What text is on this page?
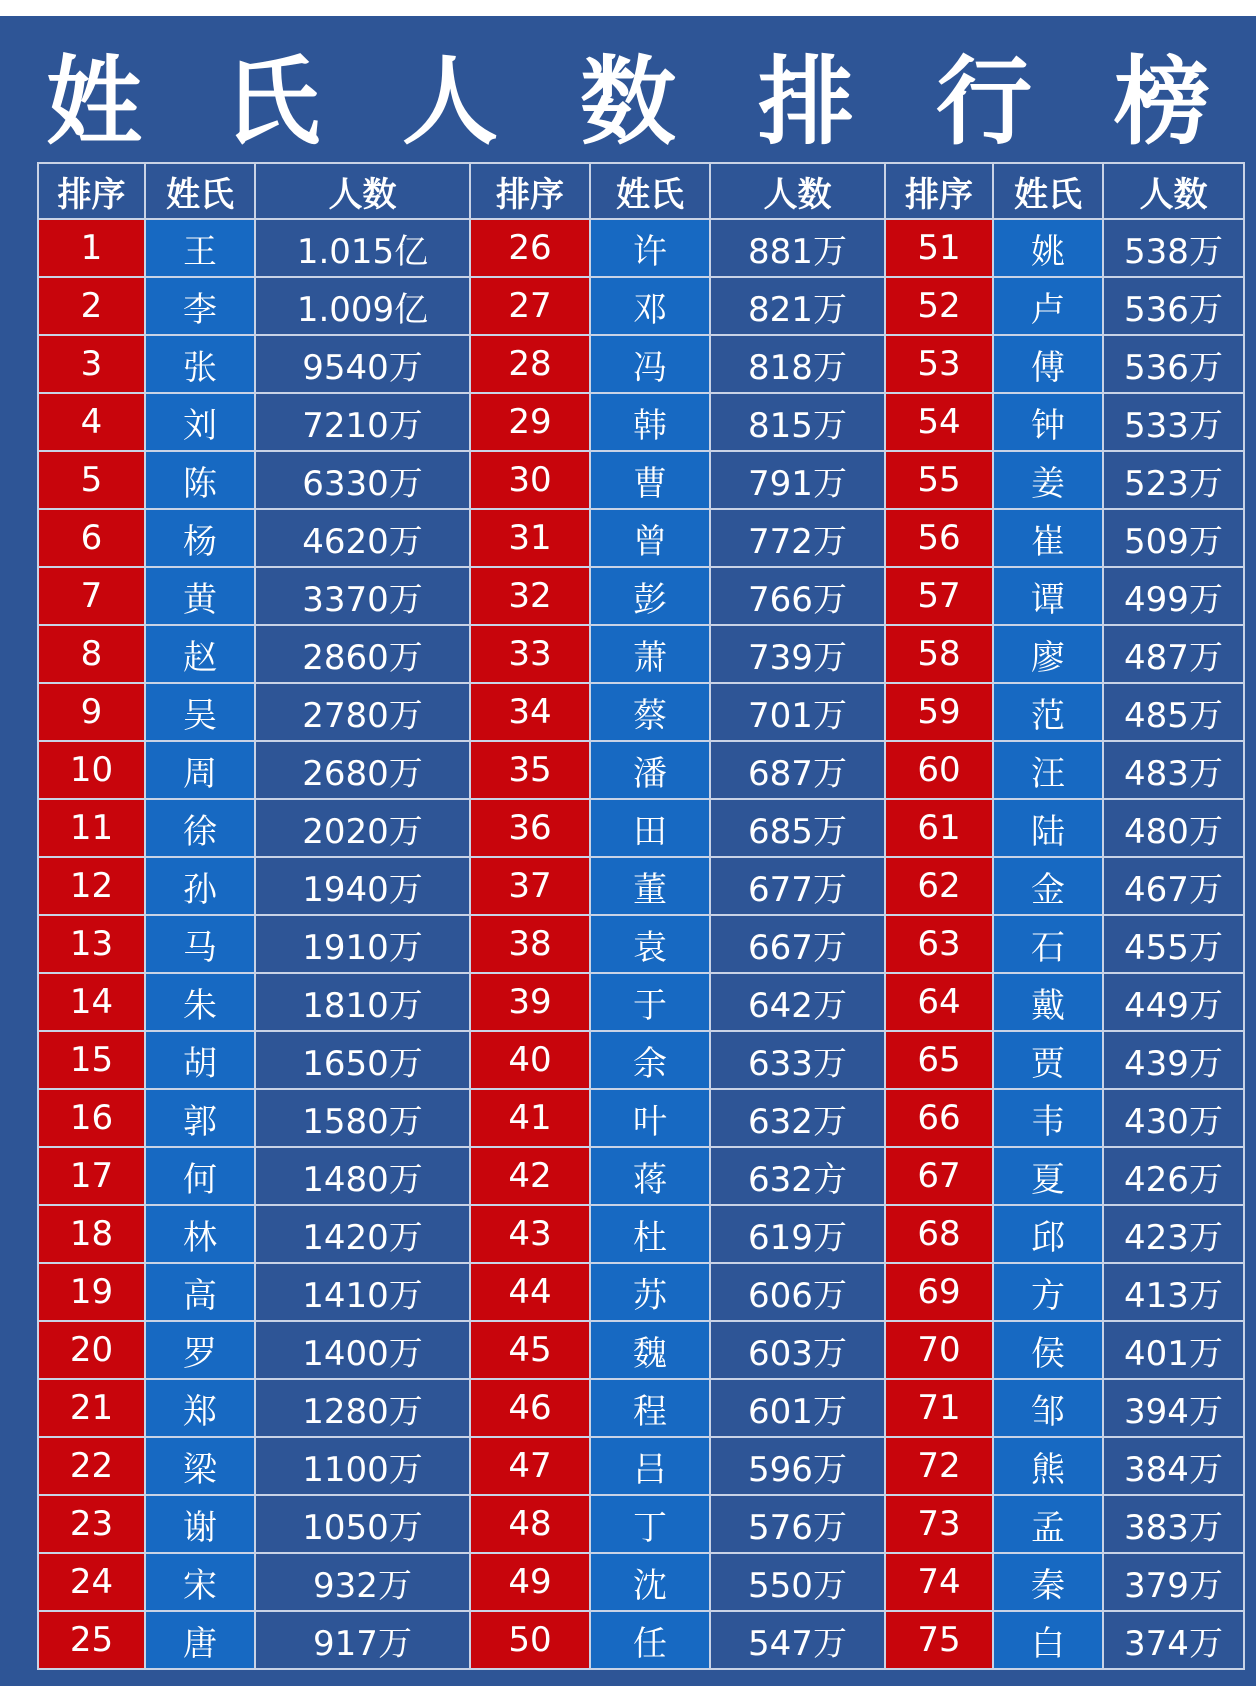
姓 氏 人 数 排 行 榜
排序	姓氏	人数	排序	姓氏	人数	排序	姓氏	人数
1	王	1.015亿	26	许	881万	51	姚	538万
2	李	1.009亿	27	邓	821万	52	卢	536万
3	张	9540万	28	冯	818万	53	傅	536万
4	刘	7210万	29	韩	815万	54	钟	533万
5	陈	6330万	30	曹	791万	55	姜	523万
6	杨	4620万	31	曾	772万	56	崔	509万
7	黄	3370万	32	彭	766万	57	谭	499万
8	赵	2860万	33	萧	739万	58	廖	487万
9	吴	2780万	34	蔡	701万	59	范	485万
10	周	2680万	35	潘	687万	60	汪	483万
11	徐	2020万	36	田	685万	61	陆	480万
12	孙	1940万	37	董	677万	62	金	467万
13	马	1910万	38	袁	667万	63	石	455万
14	朱	1810万	39	于	642万	64	戴	449万
15	胡	1650万	40	余	633万	65	贾	439万
16	郭	1580万	41	叶	632万	66	韦	430万
17	何	1480万	42	蒋	632方	67	夏	426万
18	林	1420万	43	杜	619万	68	邱	423万
19	高	1410万	44	苏	606万	69	方	413万
20	罗	1400万	45	魏	603万	70	侯	401万
21	郑	1280万	46	程	601万	71	邹	394万
22	梁	1100万	47	吕	596万	72	熊	384万
23	谢	1050万	48	丁	576万	73	孟	383万
24	宋	932万	49	沈	550万	74	秦	379万
25	唐	917万	50	任	547万	75	白	374万
